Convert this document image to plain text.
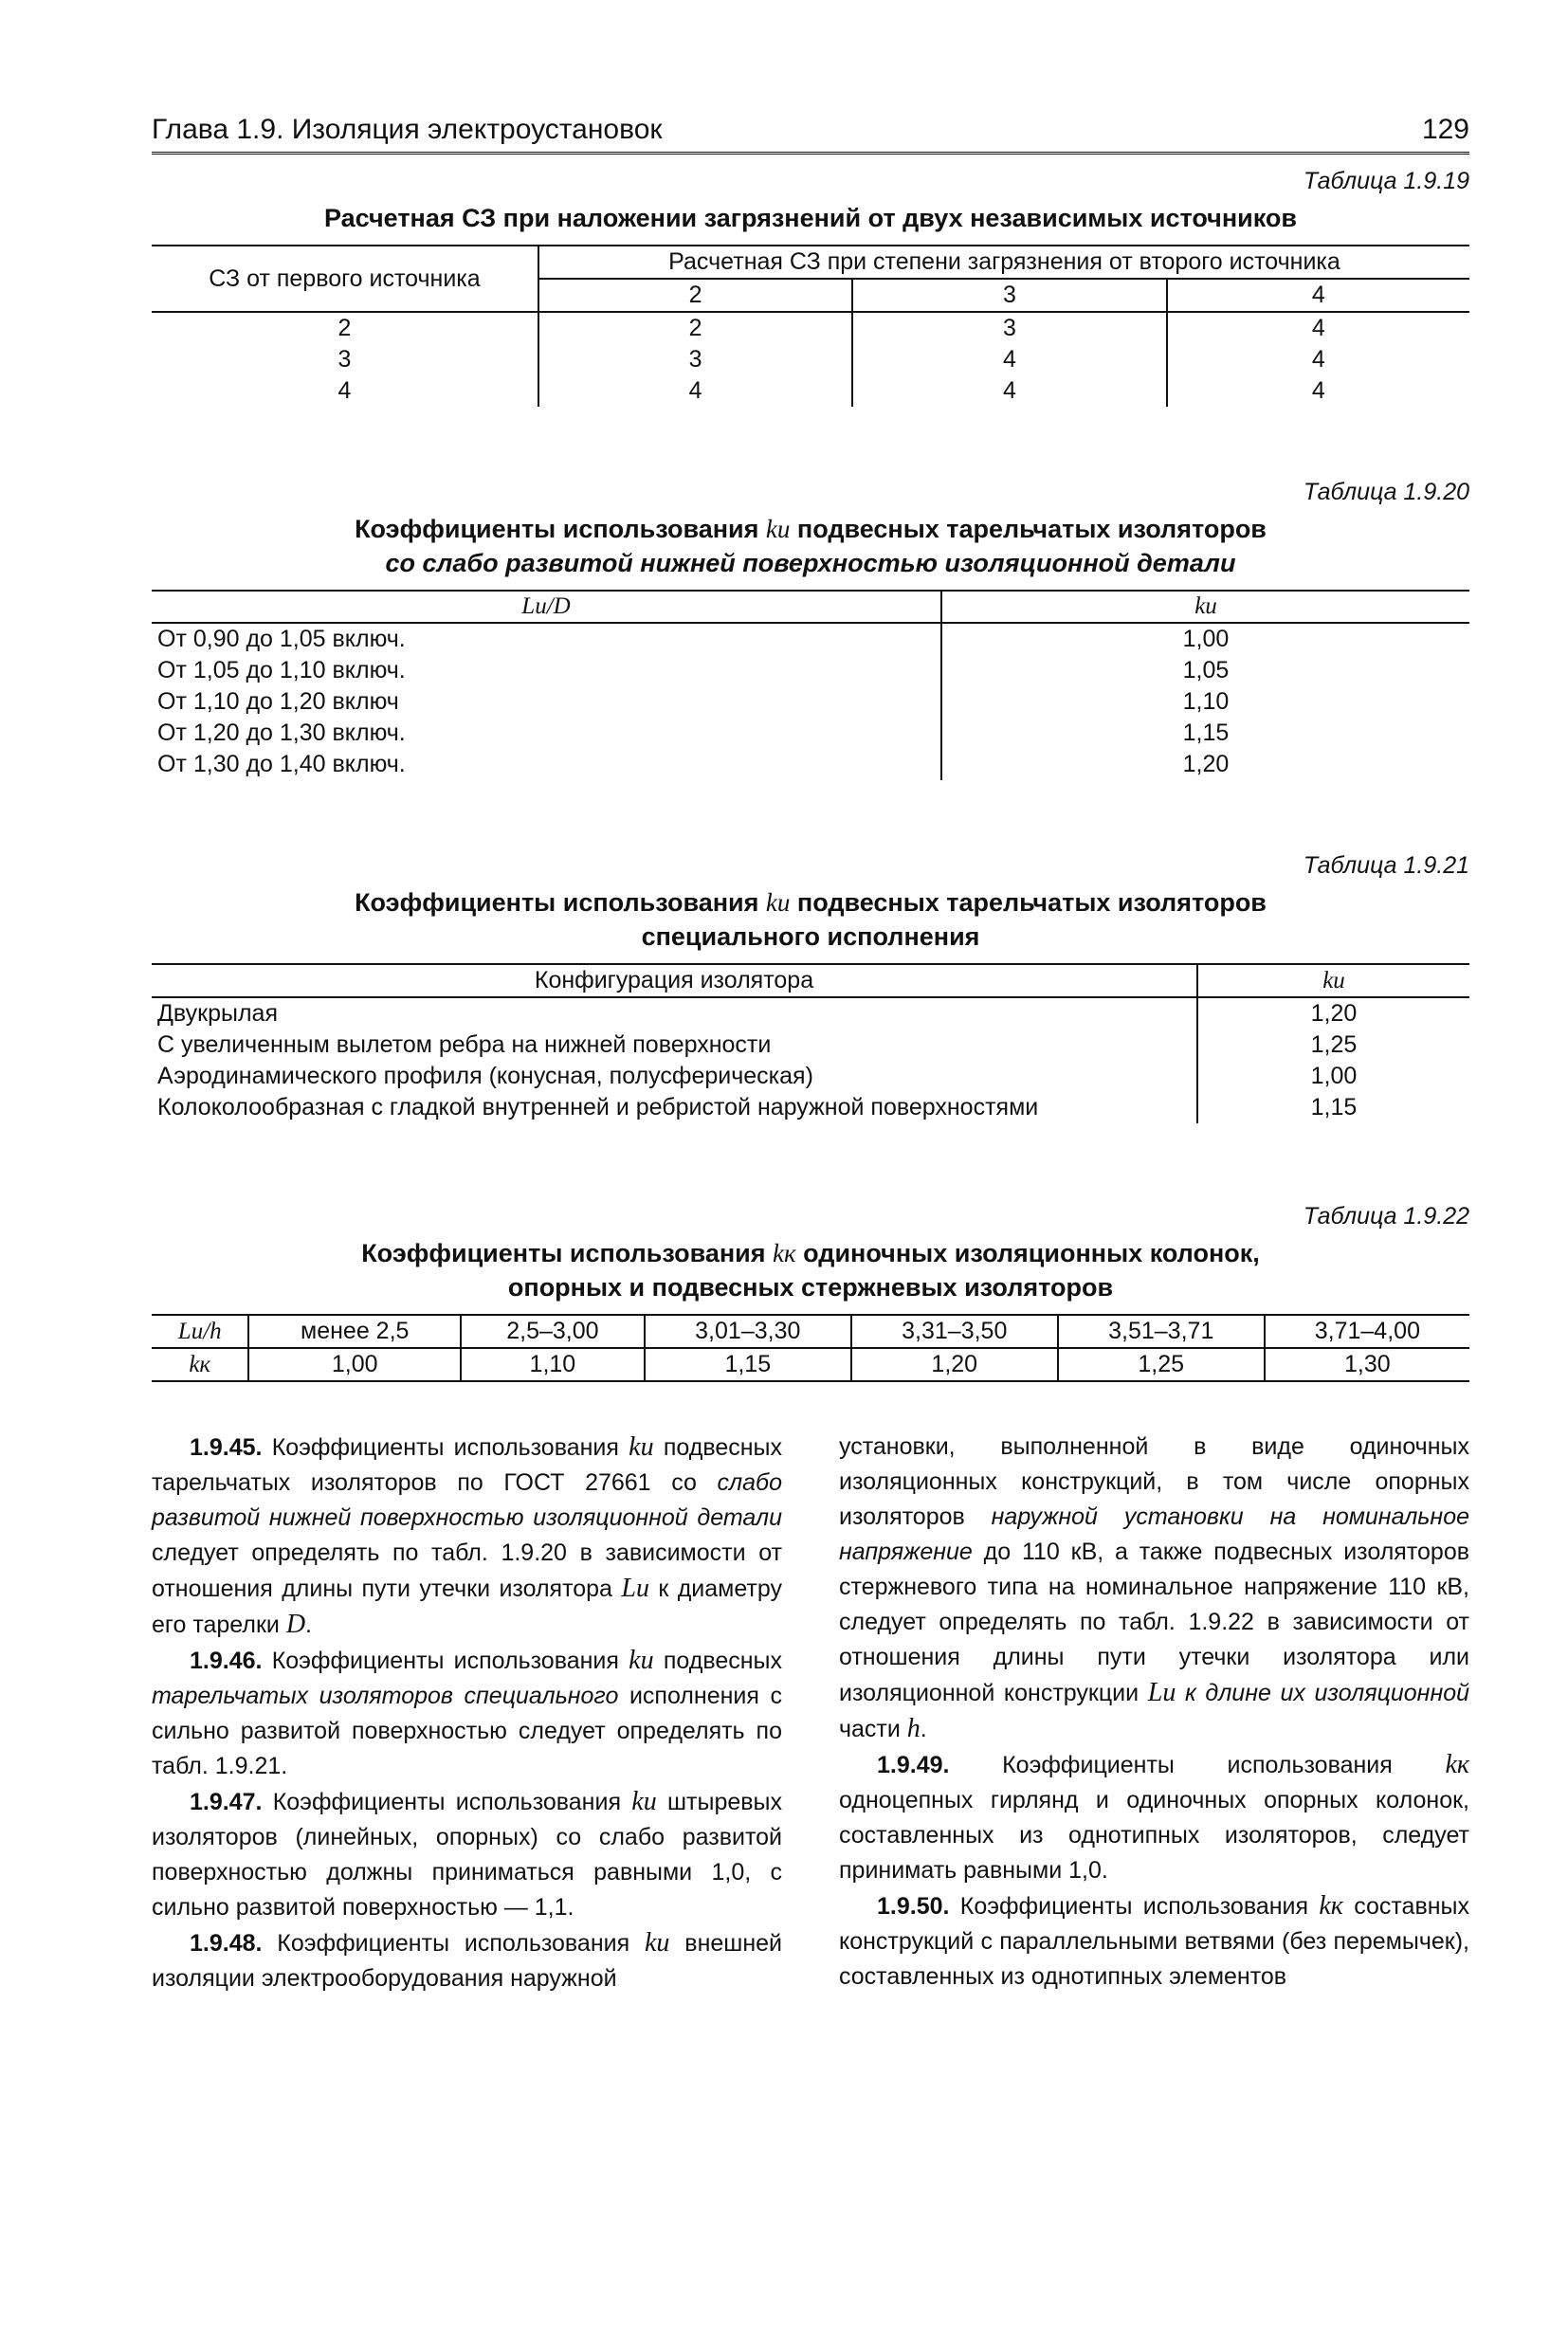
Глава 1.9. Изоляция электроустановок	129
Таблица 1.9.19
Расчетная СЗ при наложении загрязнений от двух независимых источников
СЗ от первого источника	Расчетная СЗ при степени загрязнения от второго источника		
	2	3	4
2	2	3	4
3	3	4	4
4	4	4	4
Таблица 1.9.20
Коэффициенты использования kи подвесных тарельчатых изоляторов
со слабо развитой нижней поверхностью изоляционной детали
Lи/D	kи
От 0,90 до 1,05 включ.	1,00
От 1,05 до 1,10 включ.	1,05
От 1,10 до 1,20 включ	1,10
От 1,20 до 1,30 включ.	1,15
От 1,30 до 1,40 включ.	1,20
Таблица 1.9.21
Коэффициенты использования kи подвесных тарельчатых изоляторов
специального исполнения
Конфигурация изолятора	kи
Двукрылая	1,20
С увеличенным вылетом ребра на нижней поверхности	1,25
Аэродинамического профиля (конусная, полусферическая)	1,00
Колоколообразная с гладкой внутренней и ребристой наружной поверхностями	1,15
Таблица 1.9.22
Коэффициенты использования kк одиночных изоляционных колонок,
опорных и подвесных стержневых изоляторов
Lи/h	менее 2,5	2,5–3,00	3,01–3,30	3,31–3,50	3,51–3,71	3,71–4,00
kк	1,00	1,10	1,15	1,20	1,25	1,30

1.9.45. Коэффициенты использования kи подвесных тарельчатых изоляторов по ГОСТ 27661 со слабо развитой нижней поверхностью изоляционной детали следует определять по табл. 1.9.20 в зависимости от отношения длины пути утечки изолятора Lи к диаметру его тарелки D.

1.9.46. Коэффициенты использования kи подвесных тарельчатых изоляторов специального исполнения с сильно развитой поверхностью следует определять по табл. 1.9.21.

1.9.47. Коэффициенты использования kи штыревых изоляторов (линейных, опорных) со слабо развитой поверхностью должны приниматься равными 1,0, с сильно развитой поверхностью — 1,1.

1.9.48. Коэффициенты использования kи внешней изоляции электрооборудования наружной

установки, выполненной в виде одиночных изоляционных конструкций, в том числе опорных изоляторов наружной установки на номинальное напряжение до 110 кВ, а также подвесных изоляторов стержневого типа на номинальное напряжение 110 кВ, следует определять по табл. 1.9.22 в зависимости от отношения длины пути утечки изолятора или изоляционной конструкции Lи к длине их изоляционной части h.

1.9.49. Коэффициенты использования kк одноцепных гирлянд и одиночных опорных колонок, составленных из однотипных изоляторов, следует принимать равными 1,0.

1.9.50. Коэффициенты использования kк составных конструкций с параллельными ветвями (без перемычек), составленных из однотипных элементов
